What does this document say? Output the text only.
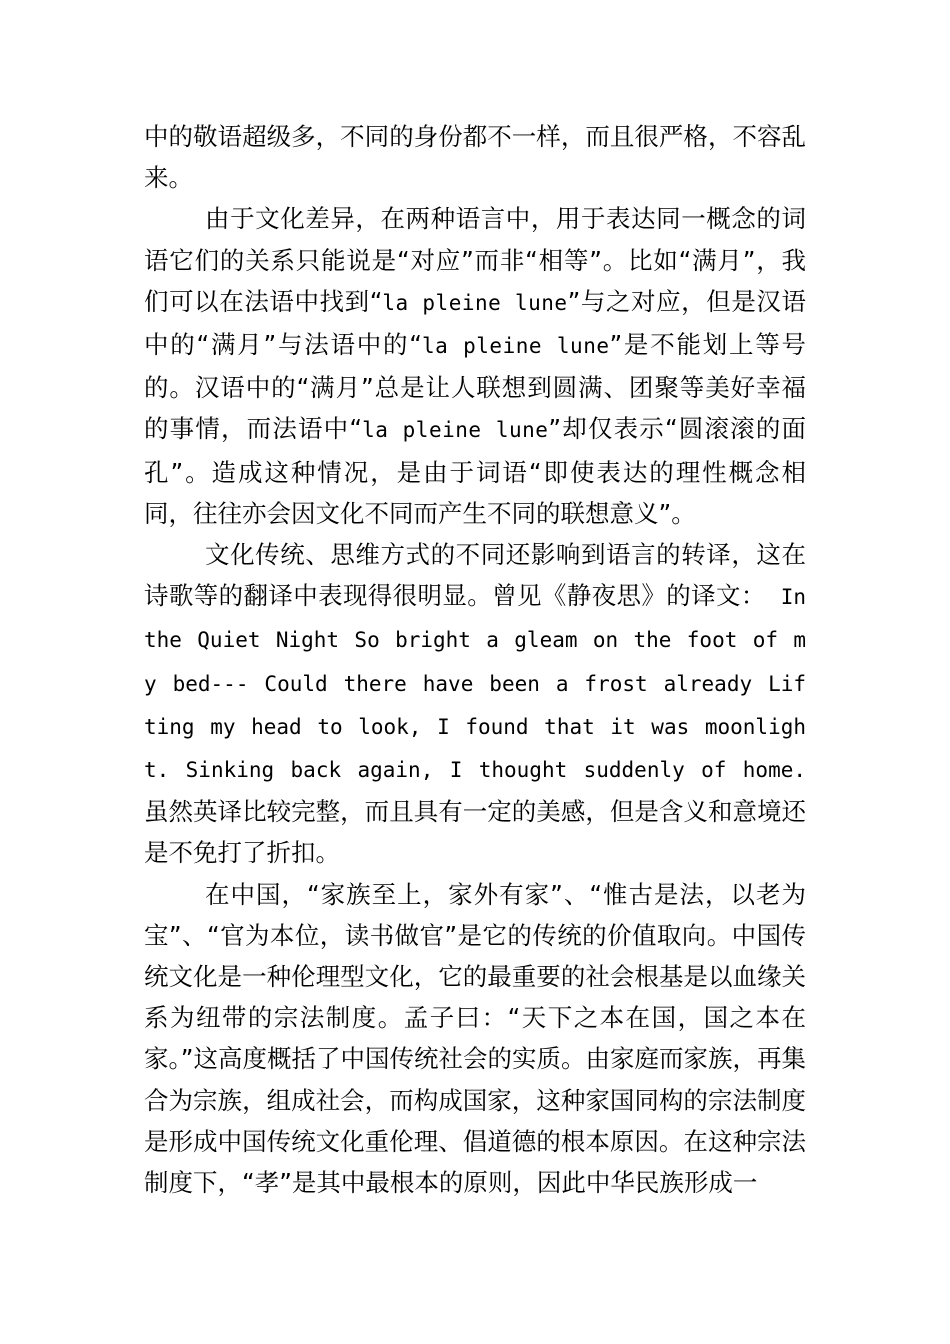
中的敬语超级多，不同的身份都不一样，而且很严格，不容乱来。

由于文化差异，在两种语言中，用于表达同一概念的词语它们的关系只能说是“对应”而非“相等”。比如“满月”，我们可以在法语中找到“la pleine lune”与之对应，但是汉语中的“满月”与法语中的“la pleine lune”是不能划上等号的。汉语中的“满月”总是让人联想到圆满、团聚等美好幸福的事情，而法语中“la pleine lune”却仅表示“圆滚滚的面孔”。造成这种情况，是由于词语“即使表达的理性概念相同，往往亦会因文化不同而产生不同的联想意义”。

文化传统、思维方式的不同还影响到语言的转译，这在诗歌等的翻译中表现得很明显。曾见《静夜思》的译文： In the Quiet Night So bright a gleam on the foot of my bed--- Could there have been a frost already Lifting my head to look, I found that it was moonlight. Sinking back again, I thought suddenly of home. 虽然英译比较完整，而且具有一定的美感，但是含义和意境还是不免打了折扣。

在中国，“家族至上，家外有家”、“惟古是法，以老为宝”、“官为本位，读书做官”是它的传统的价值取向。中国传统文化是一种伦理型文化，它的最重要的社会根基是以血缘关系为纽带的宗法制度。孟子曰：“天下之本在国，国之本在家。”这高度概括了中国传统社会的实质。由家庭而家族，再集合为宗族，组成社会，而构成国家，这种家国同构的宗法制度是形成中国传统文化重伦理、倡道德的根本原因。在这种宗法制度下，“孝”是其中最根本的原则，因此中华民族形成一
